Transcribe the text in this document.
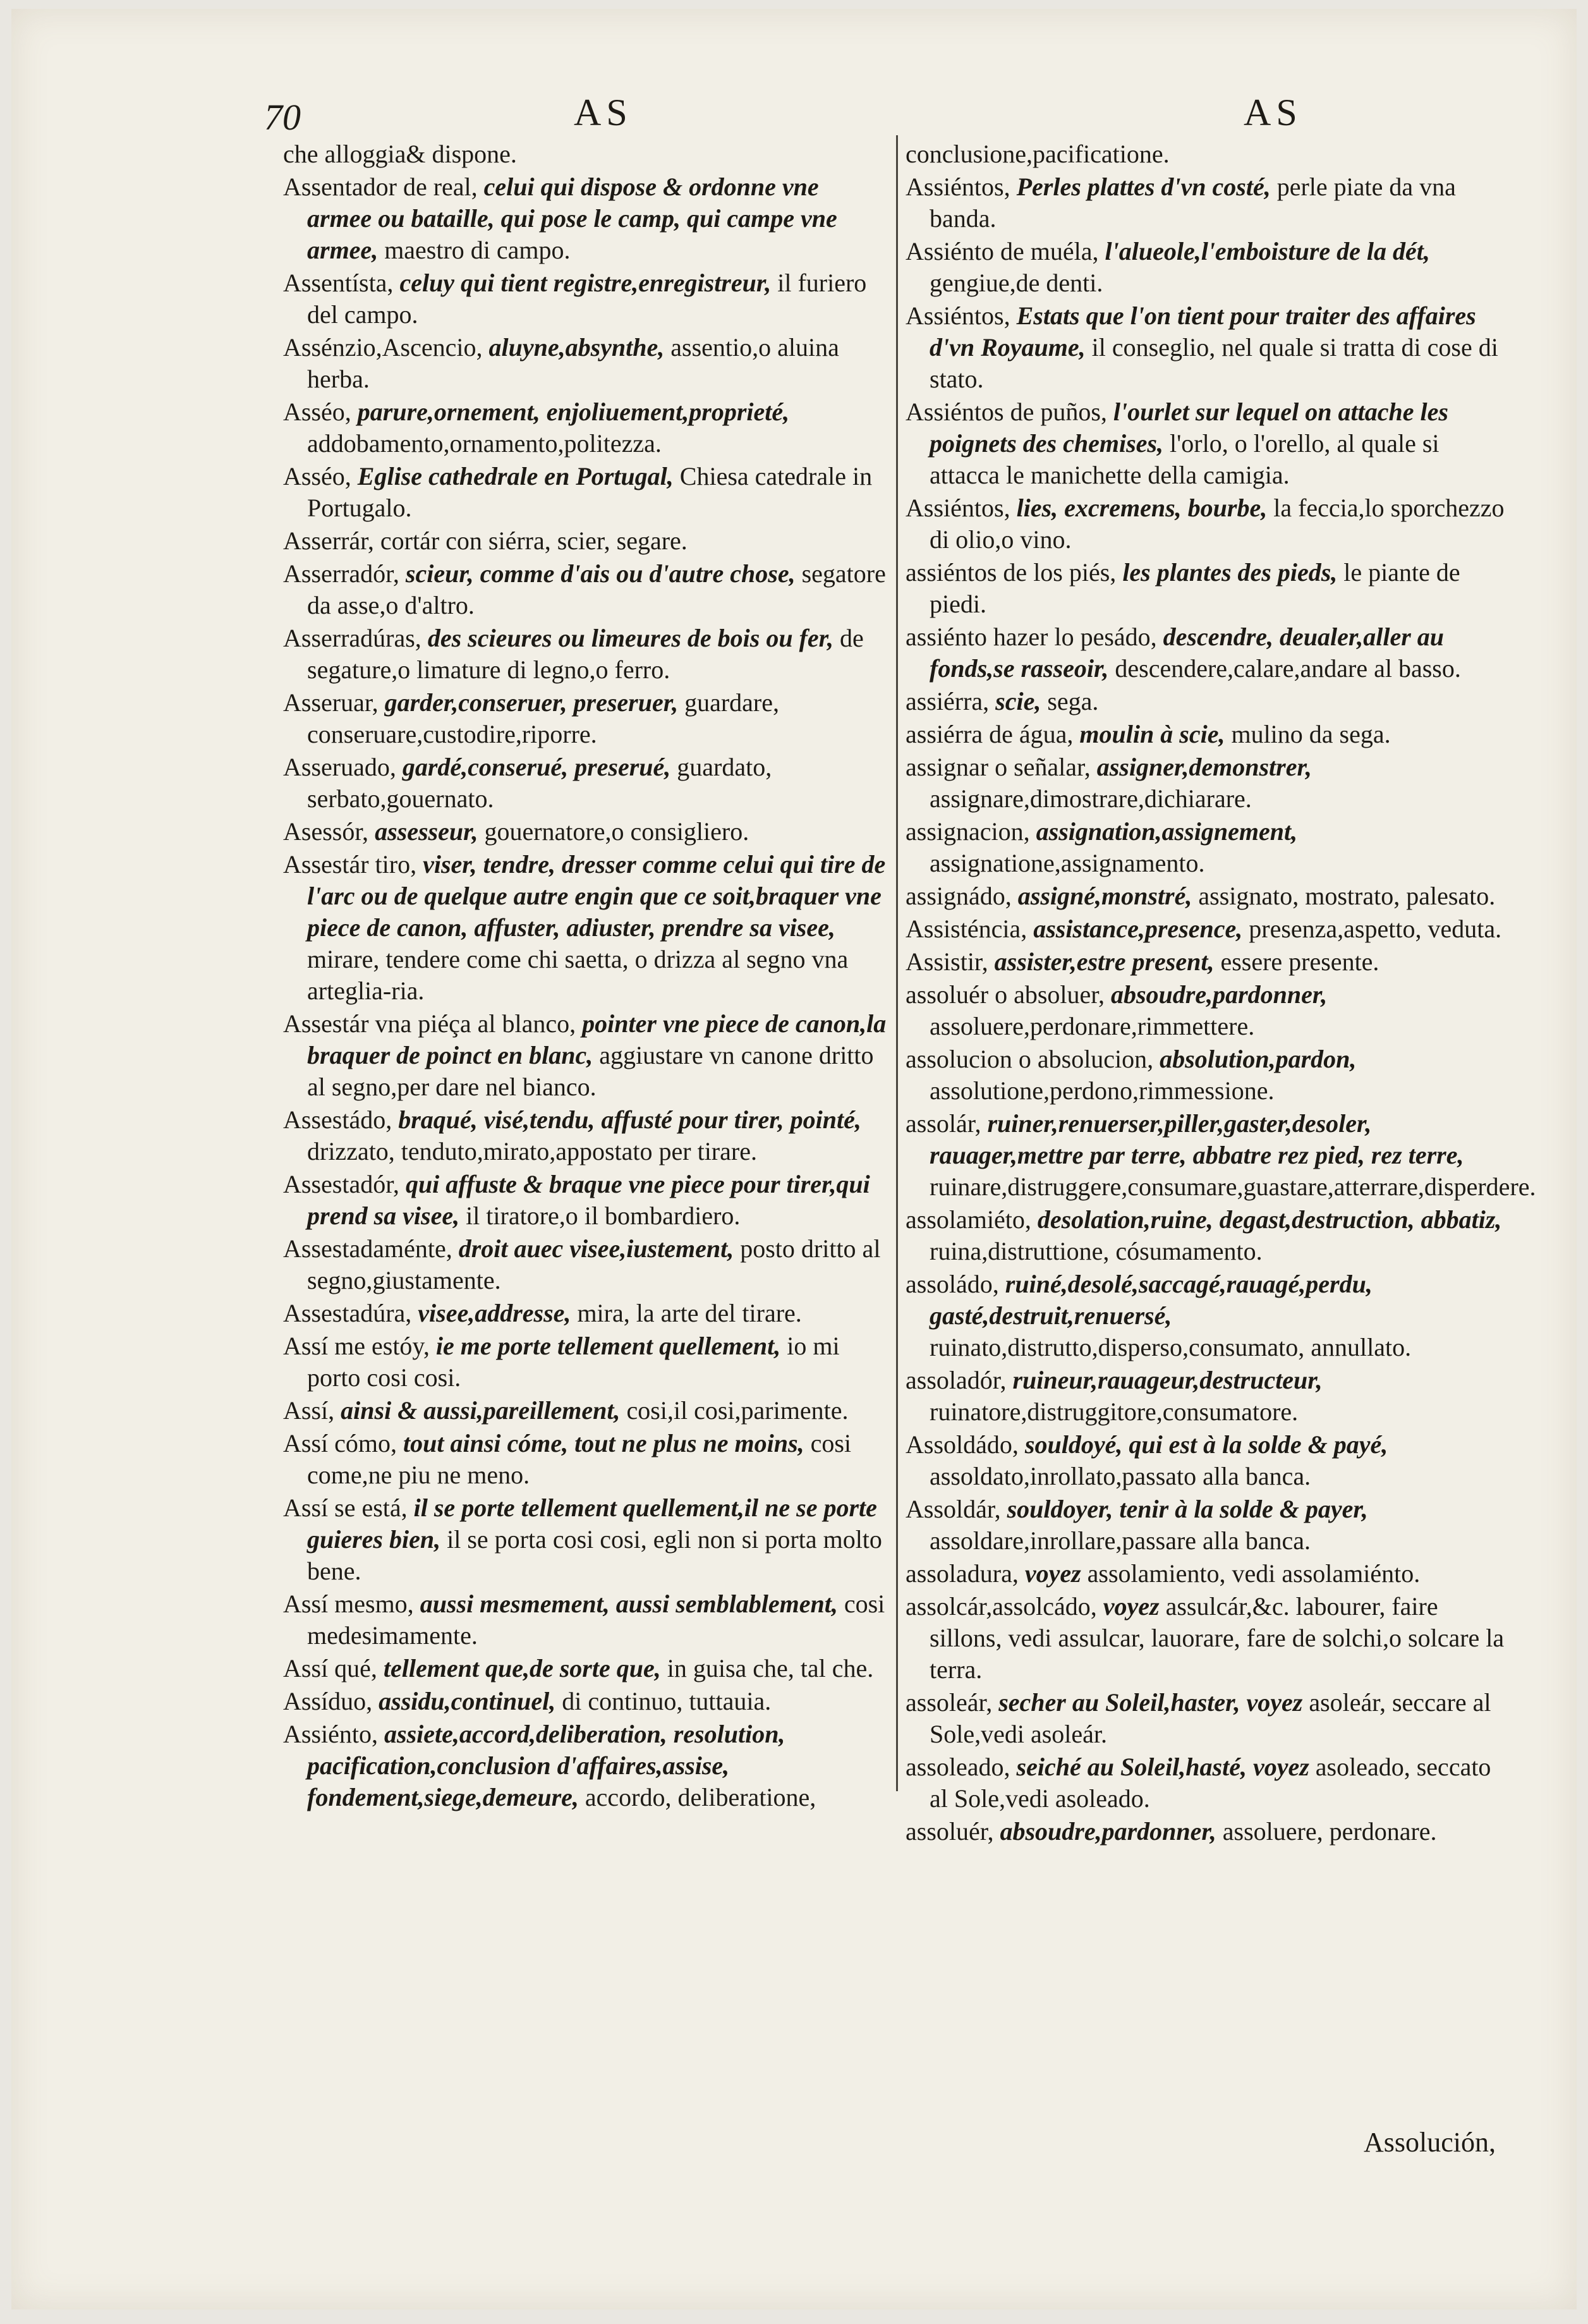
70	AS	AS
che alloggia& dispone.
Assentador de real, celui qui dispose & ordonne vne armee ou bataille, qui pose le camp, qui campe vne armee, maestro di campo.
Assentísta, celuy qui tient registre,enregistreur, il furiero del campo.
Assénzio,Ascencio, aluyne,absynthe, assentio,o aluina herba.
Asséo, parure,ornement, enjoliuement,proprieté, addobamento,ornamento,politezza.
Asséo, Eglise cathedrale en Portugal, Chiesa catedrale in Portugalo.
Asserrár, cortár con siérra, scier, segare.
Asserradór, scieur, comme d'ais ou d'autre chose, segatore da asse,o d'altro.
Asserradúras, des scieures ou limeures de bois ou fer, de segature,o limature di legno,o ferro.
Asseruar, garder,conseruer, preseruer, guardare, conseruare,custodire,riporre.
Asseruado, gardé,conserué, preserué, guardato, serbato,gouernato.
Asessór, assesseur, gouernatore,o consigliero.
Assestár tiro, viser, tendre, dresser comme celui qui tire de l'arc ou de quelque autre engin que ce soit,braquer vne piece de canon, affuster, adiuster, prendre sa visee, mirare, tendere come chi saetta, o drizza al segno vna arteglia-ria.
Assestár vna piéça al blanco, pointer vne piece de canon,la braquer de poinct en blanc, aggiustare vn canone dritto al segno,per dare nel bianco.
Assestádo, braqué, visé,tendu, affusté pour tirer, pointé, drizzato, tenduto,mirato,appostato per tirare.
Assestadór, qui affuste & braque vne piece pour tirer,qui prend sa visee, il tiratore,o il bombardiero.
Assestadaménte, droit auec visee,iustement, posto dritto al segno,giustamente.
Assestadúra, visee,addresse, mira, la arte del tirare.
Assí me estóy, ie me porte tellement quellement, io mi porto cosi cosi.
Assí, ainsi & aussi,pareillement, cosi,il cosi,parimente.
Assí cómo, tout ainsi cóme, tout ne plus ne moins, cosi come,ne piu ne meno.
Assí se está, il se porte tellement quellement,il ne se porte guieres bien, il se porta cosi cosi, egli non si porta molto bene.
Assí mesmo, aussi mesmement, aussi semblablement, cosi medesimamente.
Assí qué, tellement que,de sorte que, in guisa che, tal che.
Assíduo, assidu,continuel, di continuo, tuttauia.
Assiénto, assiete,accord,deliberation, resolution, pacification,conclusion d'affaires,assise, fondement,siege,demeure, accordo, deliberatione,
conclusione,pacificatione.
Assiéntos, Perles plattes d'vn costé, perle piate da vna banda.
Assiénto de muéla, l'alueole,l'emboisture de la dét, gengiue,de denti.
Assiéntos, Estats que l'on tient pour traiter des affaires d'vn Royaume, il conseglio, nel quale si tratta di cose di stato.
Assiéntos de puños, l'ourlet sur lequel on attache les poignets des chemises, l'orlo, o l'orello, al quale si attacca le manichette della camigia.
Assiéntos, lies, excremens, bourbe, la feccia,lo sporchezzo di olio,o vino.
assiéntos de los piés, les plantes des pieds, le piante de piedi.
assiénto hazer lo pesádo, descendre, deualer,aller au fonds,se rasseoir, descendere,calare,andare al basso.
assiérra, scie, sega.
assiérra de água, moulin à scie, mulino da sega.
assignar o señalar, assigner,demonstrer, assignare,dimostrare,dichiarare.
assignacion, assignation,assignement, assignatione,assignamento.
assignádo, assigné,monstré, assignato, mostrato, palesato.
Assisténcia, assistance,presence, presenza,aspetto, veduta.
Assistir, assister,estre present, essere presente.
assoluér o absoluer, absoudre,pardonner, assoluere,perdonare,rimmettere.
assolucion o absolucion, absolution,pardon, assolutione,perdono,rimmessione.
assolár, ruiner,renuerser,piller,gaster,desoler, rauager,mettre par terre, abbatre rez pied, rez terre, ruinare,distruggere,consumare,guastare,atterrare,disperdere.
assolamiéto, desolation,ruine, degast,destruction, abbatiz, ruina,distruttione, cósumamento.
assoládo, ruiné,desolé,saccagé,rauagé,perdu, gasté,destruit,renuersé, ruinato,distrutto,disperso,consumato, annullato.
assoladór, ruineur,rauageur,destructeur, ruinatore,distruggitore,consumatore.
Assoldádo, souldoyé, qui est à la solde & payé, assoldato,inrollato,passato alla banca.
Assoldár, souldoyer, tenir à la solde & payer, assoldare,inrollare,passare alla banca.
assoladura, voyez assolamiento, vedi assolamiénto.
assolcár,assolcádo, voyez assulcár,&c. labourer, faire sillons, vedi assulcar, lauorare, fare de solchi,o solcare la terra.
assoleár, secher au Soleil,haster, voyez asoleár, seccare al Sole,vedi asoleár.
assoleado, seiché au Soleil,hasté, voyez asoleado, seccato al Sole,vedi asoleado.
assoluér, absoudre,pardonner, assoluere, perdonare.
Assolución,
